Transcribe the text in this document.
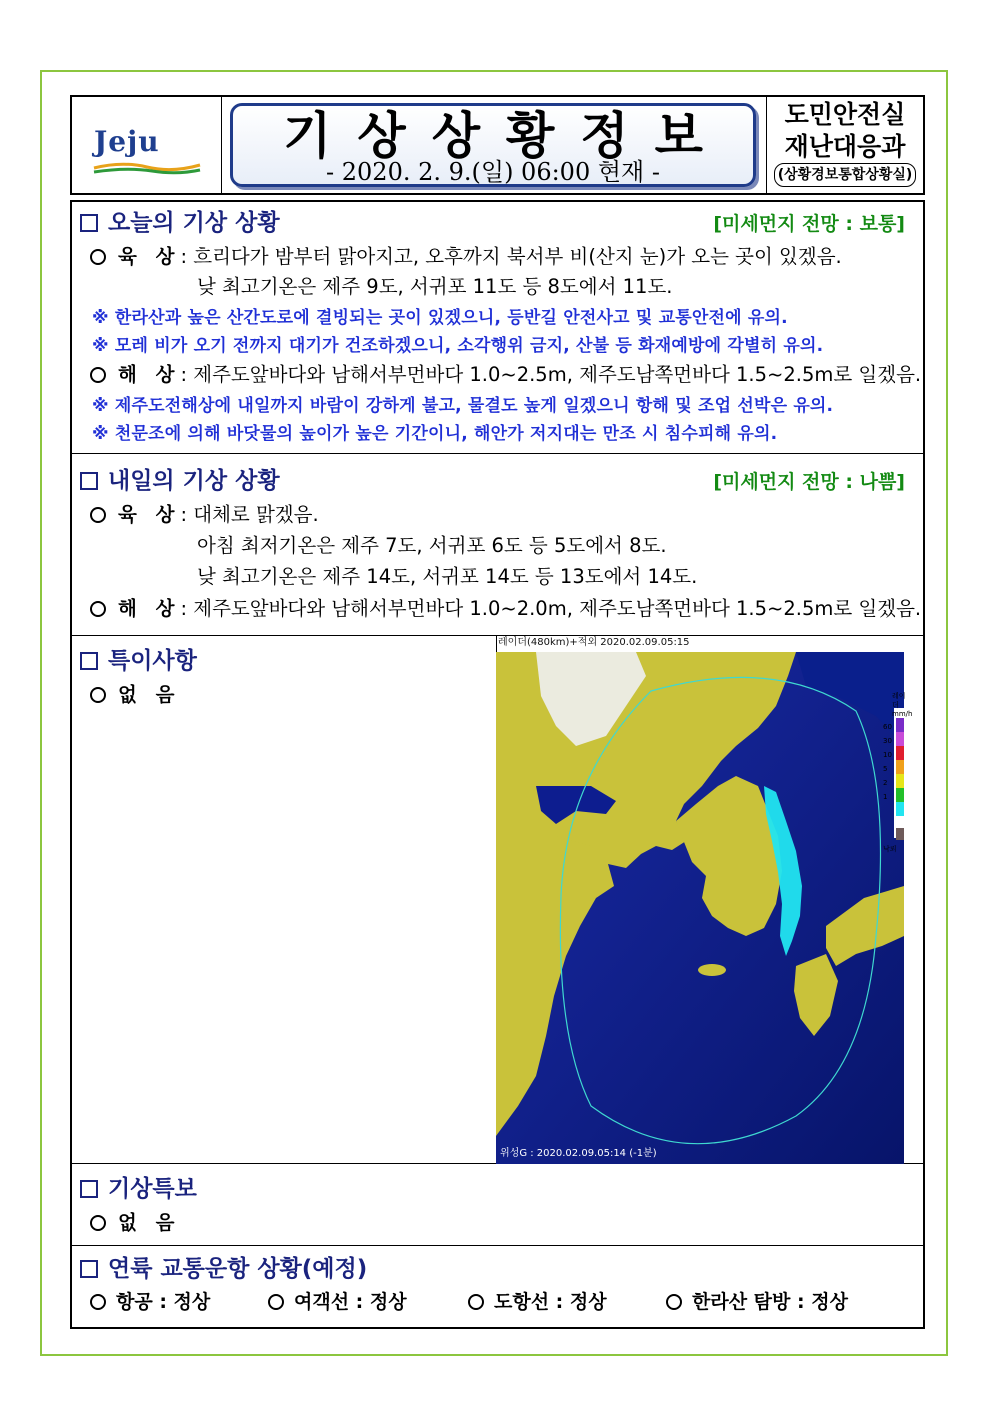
Jeju	기상상황정보
- 2020. 2. 9.(일) 06:00 현재 -
도민안전실
재난대응과
(상황경보통합상황실)
오늘의 기상 상황	[미세먼지 전망 : 보통]
육 상: 흐리다가 밤부터 맑아지고, 오후까지 북서부 비(산지 눈)가 오는 곳이 있겠음.
낮 최고기온은 제주 9도, 서귀포 11도 등 8도에서 11도.
※ 한라산과 높은 산간도로에 결빙되는 곳이 있겠으니, 등반길 안전사고 및 교통안전에 유의.
※ 모레 비가 오기 전까지 대기가 건조하겠으니, 소각행위 금지, 산불 등 화재예방에 각별히 유의.
해 상: 제주도앞바다와 남해서부먼바다 1.0~2.5m, 제주도남쪽먼바다 1.5~2.5m로 일겠음.
※ 제주도전해상에 내일까지 바람이 강하게 불고, 물결도 높게 일겠으니 항해 및 조업 선박은 유의.
※ 천문조에 의해 바닷물의 높이가 높은 기간이니, 해안가 저지대는 만조 시 침수피해 유의.
내일의 기상 상황	[미세먼지 전망 : 나쁨]
육 상: 대체로 맑겠음.
아침 최저기온은 제주 7도, 서귀포 6도 등 5도에서 8도.
낮 최고기온은 제주 14도, 서귀포 14도 등 13도에서 14도.
해 상: 제주도앞바다와 남해서부먼바다 1.0~2.0m, 제주도남쪽먼바다 1.5~2.5m로 일겠음.
특이사항
없 음
레이더(480km)+적외 2020.02.09.05:15
레이더
mm/h
60
30
10
5
2
1
낙뢰
위성G : 2020.02.09.05:14 (-1분)
기상특보
없 음
연륙 교통운항 상황(예정)
항공 : 정상	여객선 : 정상	도항선 : 정상	한라산 탐방 : 정상
